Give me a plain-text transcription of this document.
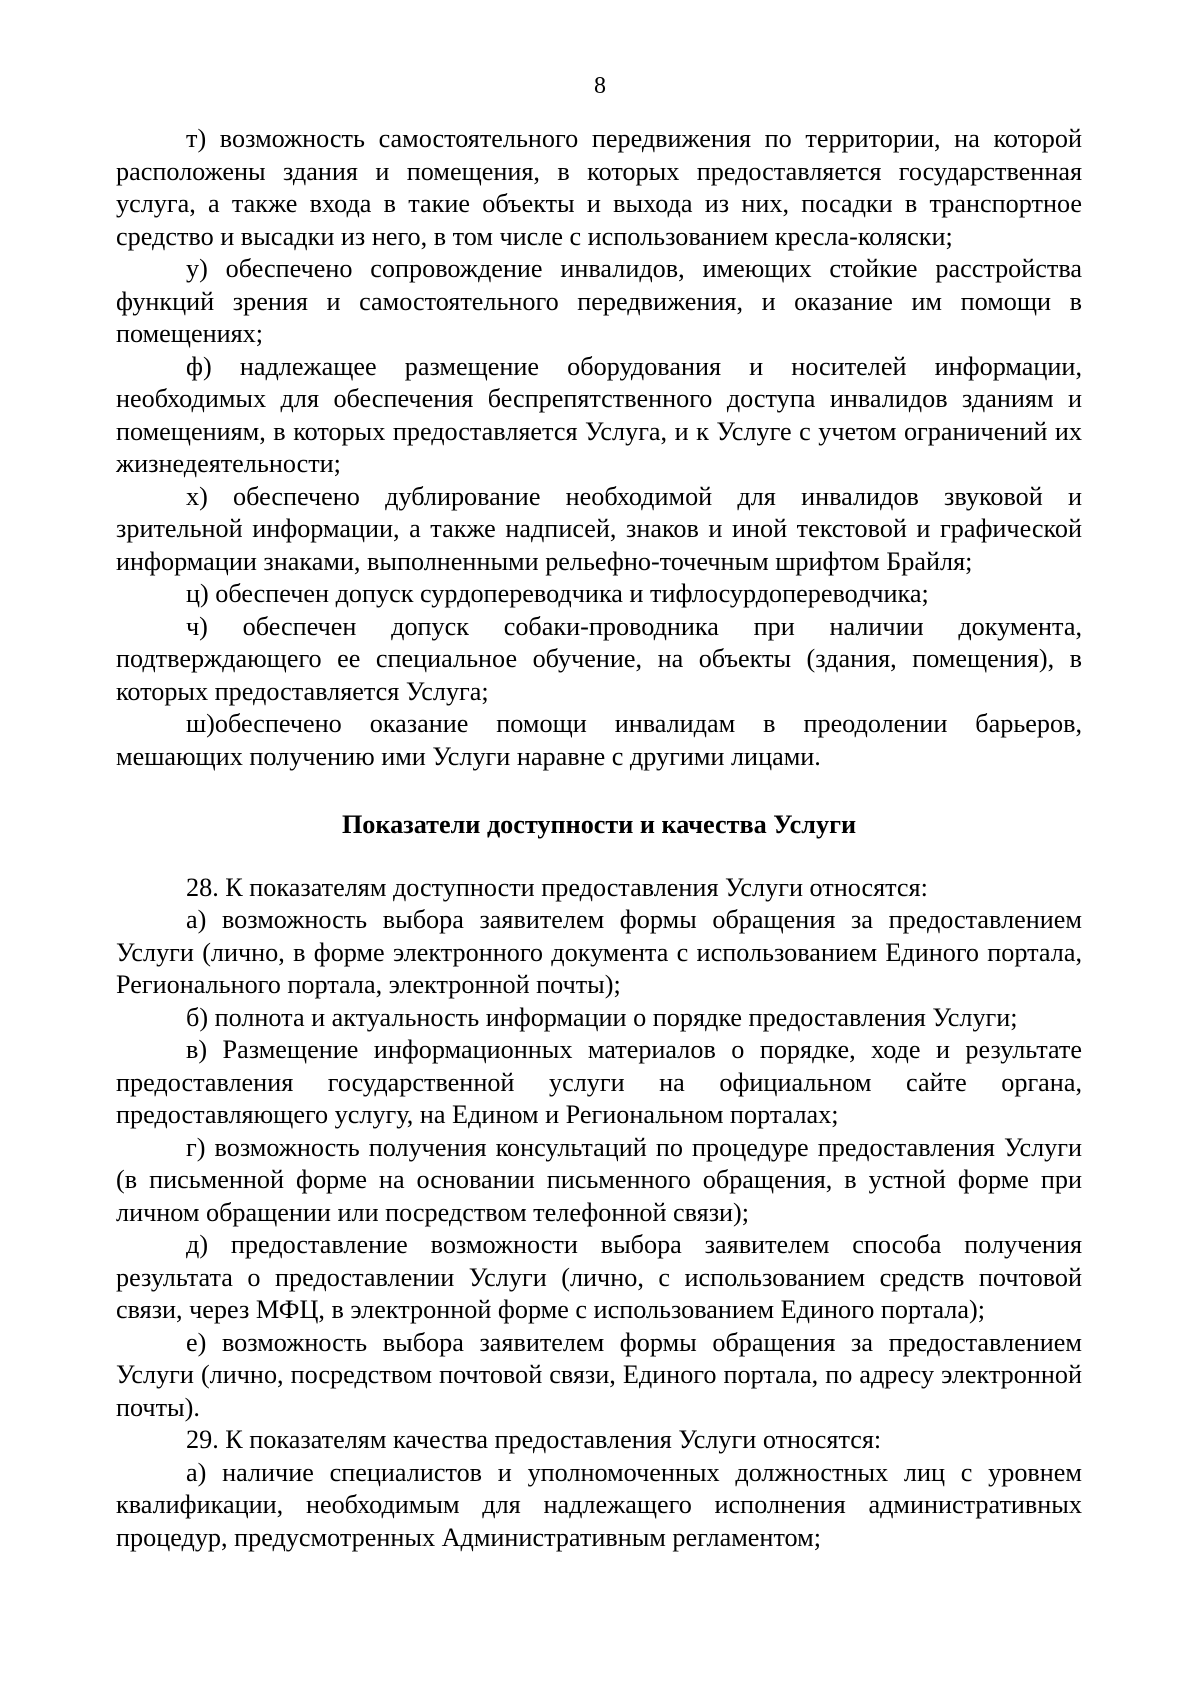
8

т) возможность самостоятельного передвижения по территории, на которой расположены здания и помещения, в которых предоставляется государственная услуга, а также входа в такие объекты и выхода из них, посадки в транспортное средство и высадки из него, в том числе с использованием кресла-коляски;

у) обеспечено сопровождение инвалидов, имеющих стойкие расстройства функций зрения и самостоятельного передвижения, и оказание им помощи в помещениях;

ф) надлежащее размещение оборудования и носителей информации, необходимых для обеспечения беспрепятственного доступа инвалидов зданиям и помещениям, в которых предоставляется Услуга, и к Услуге с учетом ограничений их жизнедеятельности;

х) обеспечено дублирование необходимой для инвалидов звуковой и зрительной информации, а также надписей, знаков и иной текстовой и графической информации знаками, выполненными рельефно-точечным шрифтом Брайля;

ц) обеспечен допуск сурдопереводчика и тифлосурдопереводчика;

ч) обеспечен допуск собаки-проводника при наличии документа, подтверждающего ее специальное обучение, на объекты (здания, помещения), в которых предоставляется Услуга;

ш)обеспечено оказание помощи инвалидам в преодолении барьеров, мешающих получению ими Услуги наравне с другими лицами.

Показатели доступности и качества Услуги

28. К показателям доступности предоставления Услуги относятся:

а) возможность выбора заявителем формы обращения за предоставлением Услуги (лично, в форме электронного документа с использованием Единого портала, Регионального портала, электронной почты);

б) полнота и актуальность информации о порядке предоставления Услуги;

в) Размещение информационных материалов о порядке, ходе и результате предоставления государственной услуги на официальном сайте органа, предоставляющего услугу, на Едином и Региональном порталах;

г) возможность получения консультаций по процедуре предоставления Услуги (в письменной форме на основании письменного обращения, в устной форме при личном обращении или посредством телефонной связи);

д) предоставление возможности выбора заявителем способа получения результата о предоставлении Услуги (лично, с использованием средств почтовой связи, через МФЦ, в электронной форме с использованием Единого портала);

е) возможность выбора заявителем формы обращения за предоставлением Услуги (лично, посредством почтовой связи, Единого портала, по адресу электронной почты).

29. К показателям качества предоставления Услуги относятся:

а) наличие специалистов и уполномоченных должностных лиц с уровнем квалификации, необходимым для надлежащего исполнения административных процедур, предусмотренных Административным регламентом;
